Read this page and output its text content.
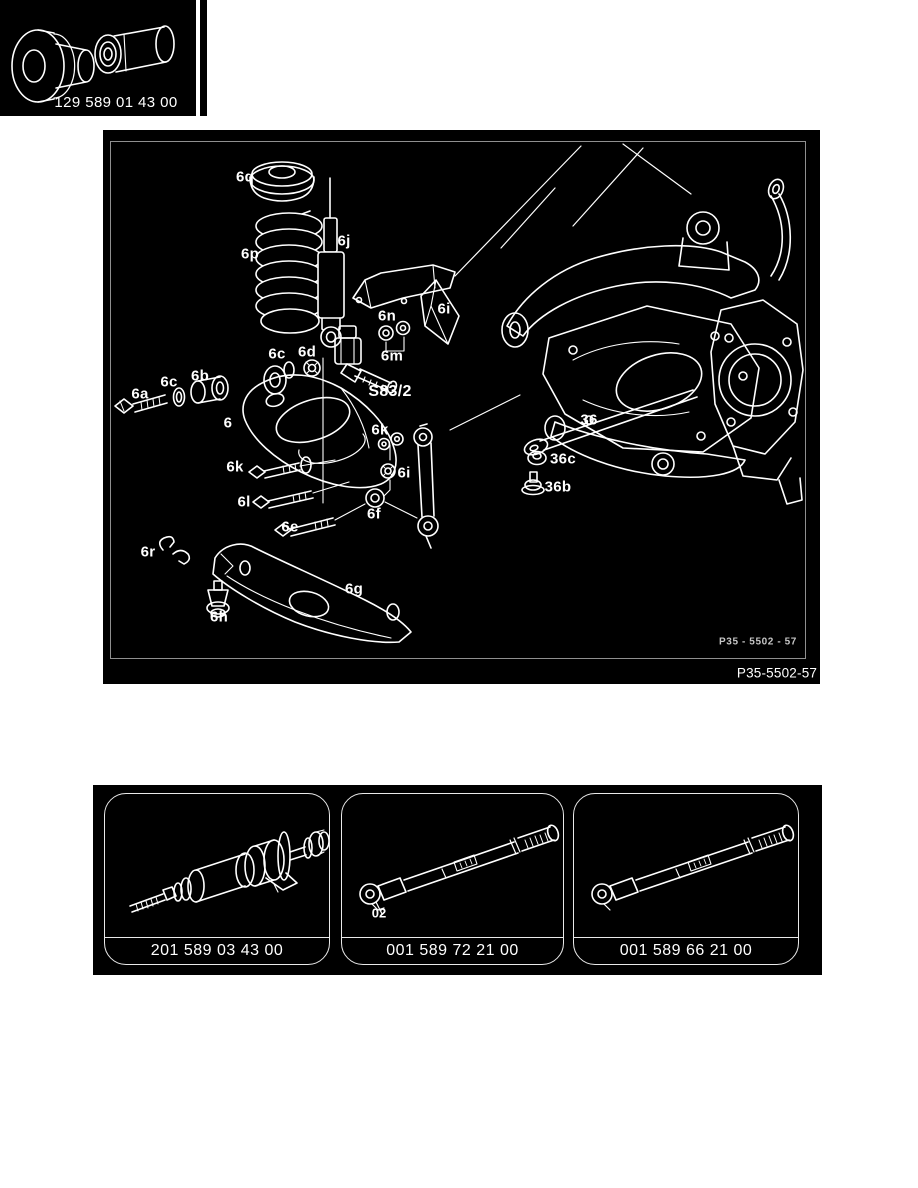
6q
6p
6j
6i
6n
6m
6c 6d
S83/2
6a
6c 6b
6	6k
6i
6k
6l
6e
6f
36
36c
36b
6r
6g
6h
P35 - 5502 - 57
P35-5502-57
201 589 03 43 00
02
001 589 72 21 00	001 589 66 21 00
129 589 01 43 00
